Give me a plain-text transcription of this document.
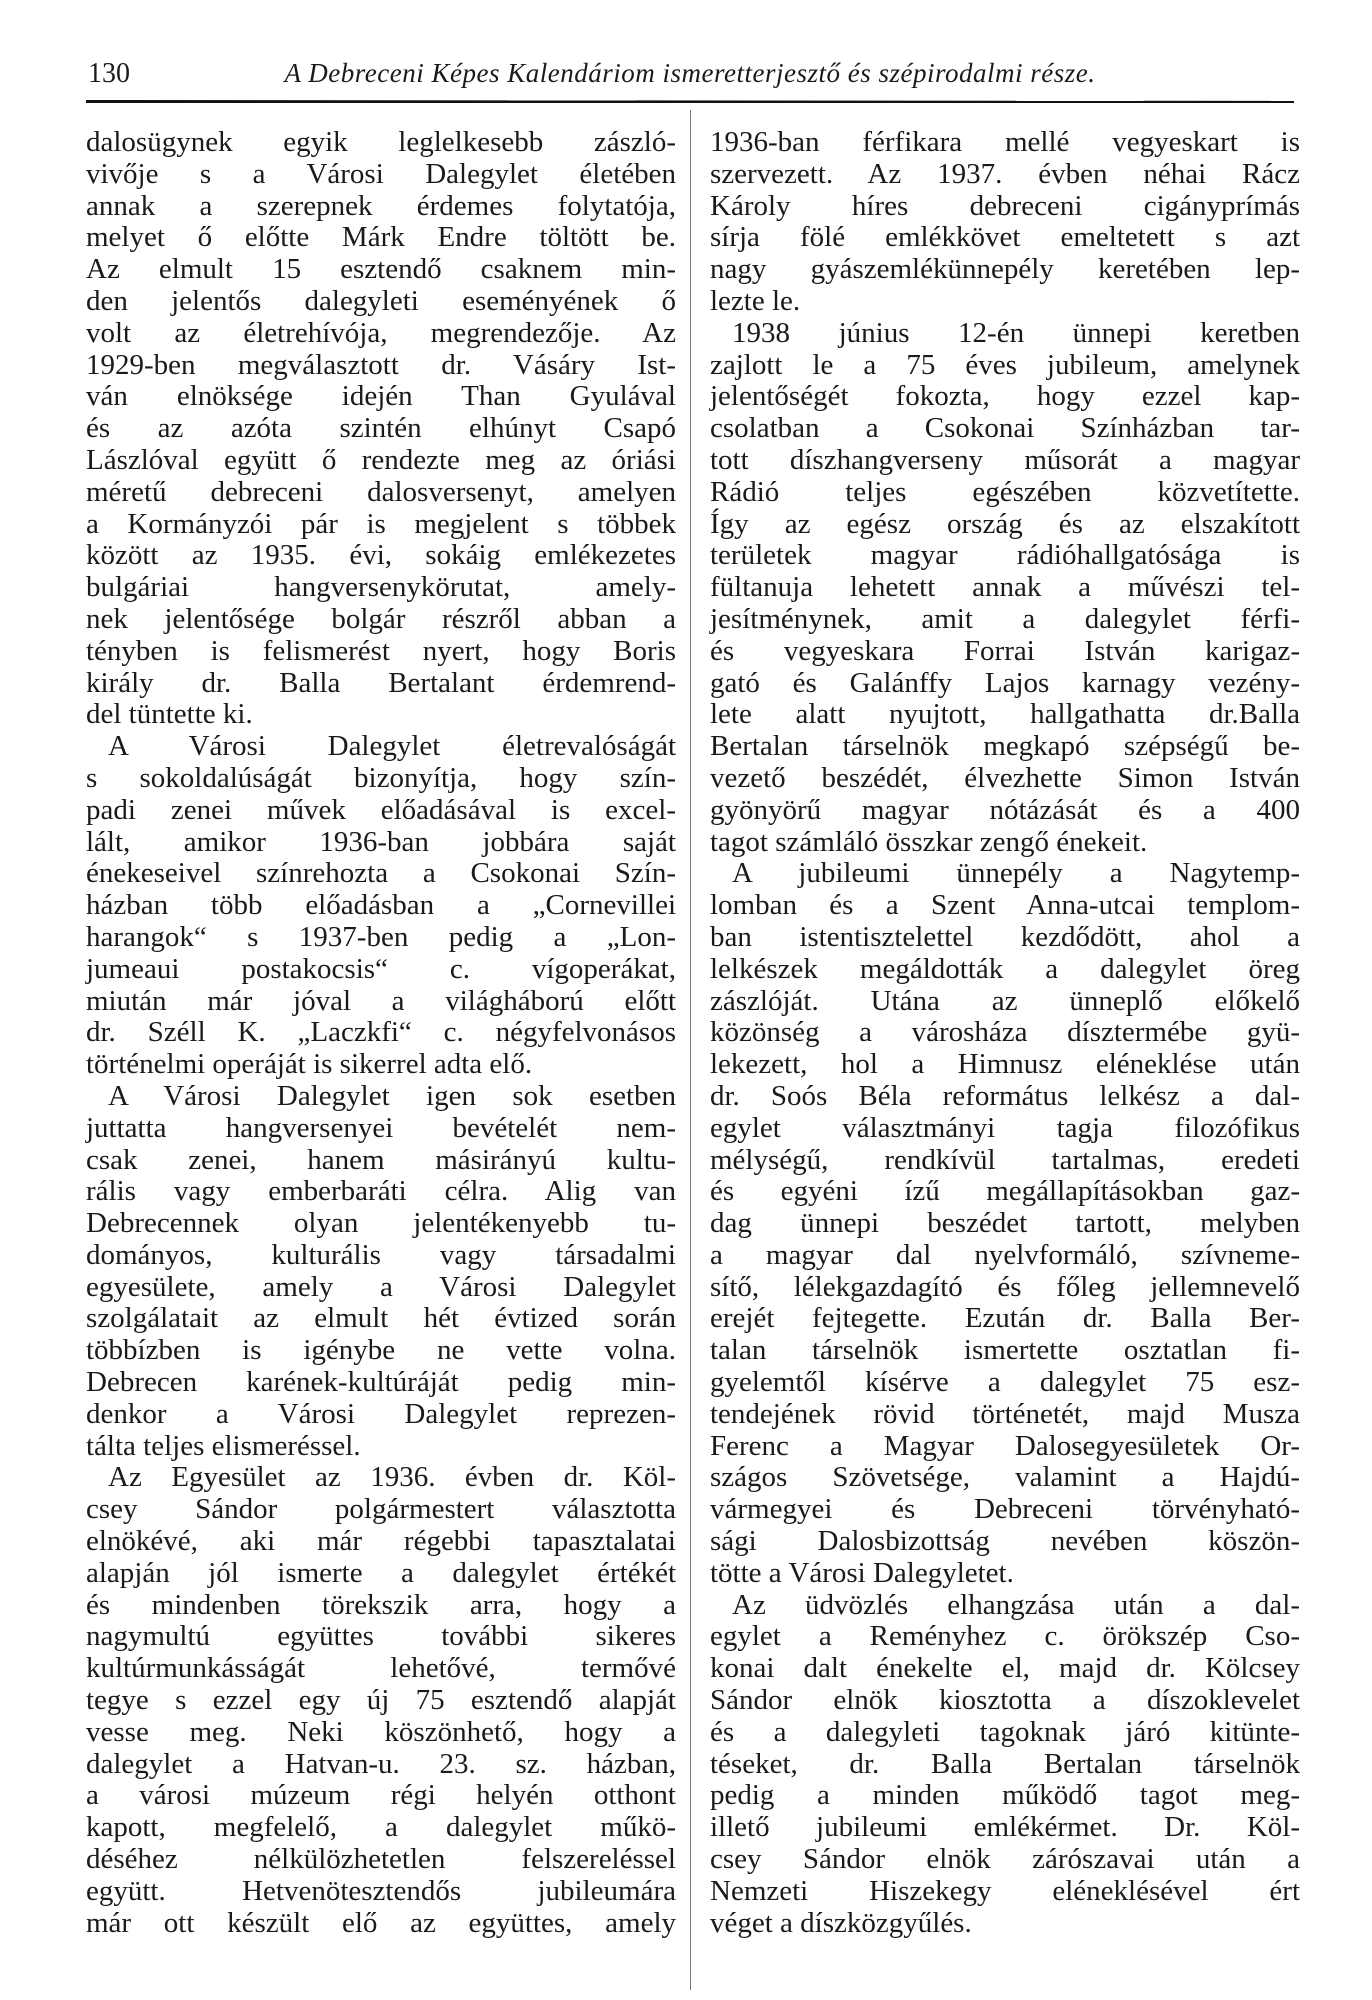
130	A Debreceni Képes Kalendáriom ismeretterjesztő és szépirodalmi része.
dalosügynek egyik leglelkesebb zászló-
vivője s a Városi Dalegylet életében
annak a szerepnek érdemes folytatója,
melyet ő előtte Márk Endre töltött be.
Az elmult 15 esztendő csaknem min-
den jelentős dalegyleti eseményének ő
volt az életrehívója, megrendezője. Az
1929-ben megválasztott dr. Vásáry Ist-
ván elnöksége idején Than Gyulával
és az azóta szintén elhúnyt Csapó
Lászlóval együtt ő rendezte meg az óriási
méretű debreceni dalosversenyt, amelyen
a Kormányzói pár is megjelent s többek
között az 1935. évi, sokáig emlékezetes
bulgáriai hangversenykörutat, amely-
nek jelentősége bolgár részről abban a
tényben is felismerést nyert, hogy Boris
király dr. Balla Bertalant érdemrend-
del tüntette ki.
A Városi Dalegylet életrevalóságát
s sokoldalúságát bizonyítja, hogy szín-
padi zenei művek előadásával is excel-
lált, amikor 1936-ban jobbára saját
énekeseivel színrehozta a Csokonai Szín-
házban több előadásban a „Cornevillei
harangok“ s 1937-ben pedig a „Lon-
jumeaui postakocsis“ c. vígoperákat,
miután már jóval a világháború előtt
dr. Széll K. „Laczkfi“ c. négyfelvonásos
történelmi operáját is sikerrel adta elő.
A Városi Dalegylet igen sok esetben
juttatta hangversenyei bevételét nem-
csak zenei, hanem másirányú kultu-
rális vagy emberbaráti célra. Alig van
Debrecennek olyan jelentékenyebb tu-
dományos, kulturális vagy társadalmi
egyesülete, amely a Városi Dalegylet
szolgálatait az elmult hét évtized során
többízben is igénybe ne vette volna.
Debrecen karének-kultúráját pedig min-
denkor a Városi Dalegylet reprezen-
tálta teljes elismeréssel.
Az Egyesület az 1936. évben dr. Köl-
csey Sándor polgármestert választotta
elnökévé, aki már régebbi tapasztalatai
alapján jól ismerte a dalegylet értékét
és mindenben törekszik arra, hogy a
nagymultú együttes további sikeres
kultúrmunkásságát lehetővé, termővé
tegye s ezzel egy új 75 esztendő alapját
vesse meg. Neki köszönhető, hogy a
dalegylet a Hatvan-u. 23. sz. házban,
a városi múzeum régi helyén otthont
kapott, megfelelő, a dalegylet műkö-
déséhez nélkülözhetetlen felszereléssel
együtt. Hetvenötesztendős jubileumára
már ott készült elő az együttes, amely
1936-ban férfikara mellé vegyeskart is
szervezett. Az 1937. évben néhai Rácz
Károly híres debreceni cigányprímás
sírja fölé emlékkövet emeltetett s azt
nagy gyászemlékünnepély keretében lep-
lezte le.
1938 június 12-én ünnepi keretben
zajlott le a 75 éves jubileum, amelynek
jelentőségét fokozta, hogy ezzel kap-
csolatban a Csokonai Színházban tar-
tott díszhangverseny műsorát a magyar
Rádió teljes egészében közvetítette.
Így az egész ország és az elszakított
területek magyar rádióhallgatósága is
fültanuja lehetett annak a művészi tel-
jesítménynek, amit a dalegylet férfi-
és vegyeskara Forrai István karigaz-
gató és Galánffy Lajos karnagy vezény-
lete alatt nyujtott, hallgathatta dr.Balla
Bertalan társelnök megkapó szépségű be-
vezető beszédét, élvezhette Simon István
gyönyörű magyar nótázását és a 400
tagot számláló összkar zengő énekeit.
A jubileumi ünnepély a Nagytemp-
lomban és a Szent Anna-utcai templom-
ban istentisztelettel kezdődött, ahol a
lelkészek megáldották a dalegylet öreg
zászlóját. Utána az ünneplő előkelő
közönség a városháza dísztermébe gyü-
lekezett, hol a Himnusz eléneklése után
dr. Soós Béla református lelkész a dal-
egylet választmányi tagja filozófikus
mélységű, rendkívül tartalmas, eredeti
és egyéni ízű megállapításokban gaz-
dag ünnepi beszédet tartott, melyben
a magyar dal nyelvformáló, szívneme-
sítő, lélekgazdagító és főleg jellemnevelő
erejét fejtegette. Ezután dr. Balla Ber-
talan társelnök ismertette osztatlan fi-
gyelemtől kísérve a dalegylet 75 esz-
tendejének rövid történetét, majd Musza
Ferenc a Magyar Dalosegyesületek Or-
szágos Szövetsége, valamint a Hajdú-
vármegyei és Debreceni törvényható-
sági Dalosbizottság nevében köszön-
tötte a Városi Dalegyletet.
Az üdvözlés elhangzása után a dal-
egylet a Reményhez c. örökszép Cso-
konai dalt énekelte el, majd dr. Kölcsey
Sándor elnök kiosztotta a díszoklevelet
és a dalegyleti tagoknak járó kitünte-
téseket, dr. Balla Bertalan társelnök
pedig a minden működő tagot meg-
illető jubileumi emlékérmet. Dr. Köl-
csey Sándor elnök zárószavai után a
Nemzeti Hiszekegy eléneklésével ért
véget a díszközgyűlés.
